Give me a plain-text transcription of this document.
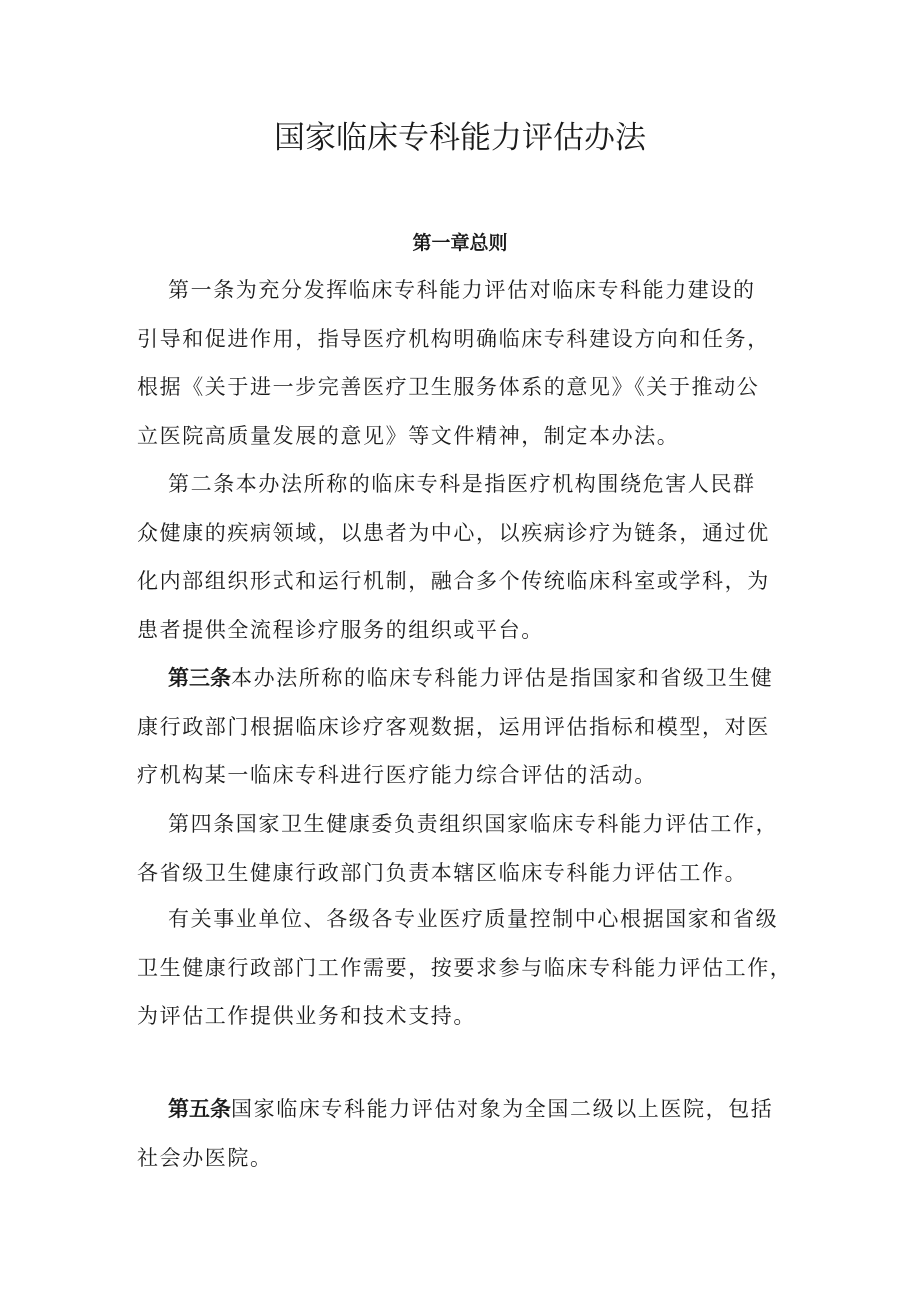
国家临床专科能力评估办法
第一章总则
第一条为充分发挥临床专科能力评估对临床专科能力建设的
引导和促进作用，指导医疗机构明确临床专科建设方向和任务，
根据《关于进一步完善医疗卫生服务体系的意见》《关于推动公
立医院高质量发展的意见》等文件精神，制定本办法。
第二条本办法所称的临床专科是指医疗机构围绕危害人民群
众健康的疾病领域，以患者为中心，以疾病诊疗为链条，通过优
化内部组织形式和运行机制，融合多个传统临床科室或学科，为
患者提供全流程诊疗服务的组织或平台。
第三条本办法所称的临床专科能力评估是指国家和省级卫生健
康行政部门根据临床诊疗客观数据，运用评估指标和模型，对医
疗机构某一临床专科进行医疗能力综合评估的活动。
第四条国家卫生健康委负责组织国家临床专科能力评估工作，
各省级卫生健康行政部门负责本辖区临床专科能力评估工作。
有关事业单位、各级各专业医疗质量控制中心根据国家和省级
卫生健康行政部门工作需要，按要求参与临床专科能力评估工作，
为评估工作提供业务和技术支持。
第五条国家临床专科能力评估对象为全国二级以上医院，包括
社会办医院。
